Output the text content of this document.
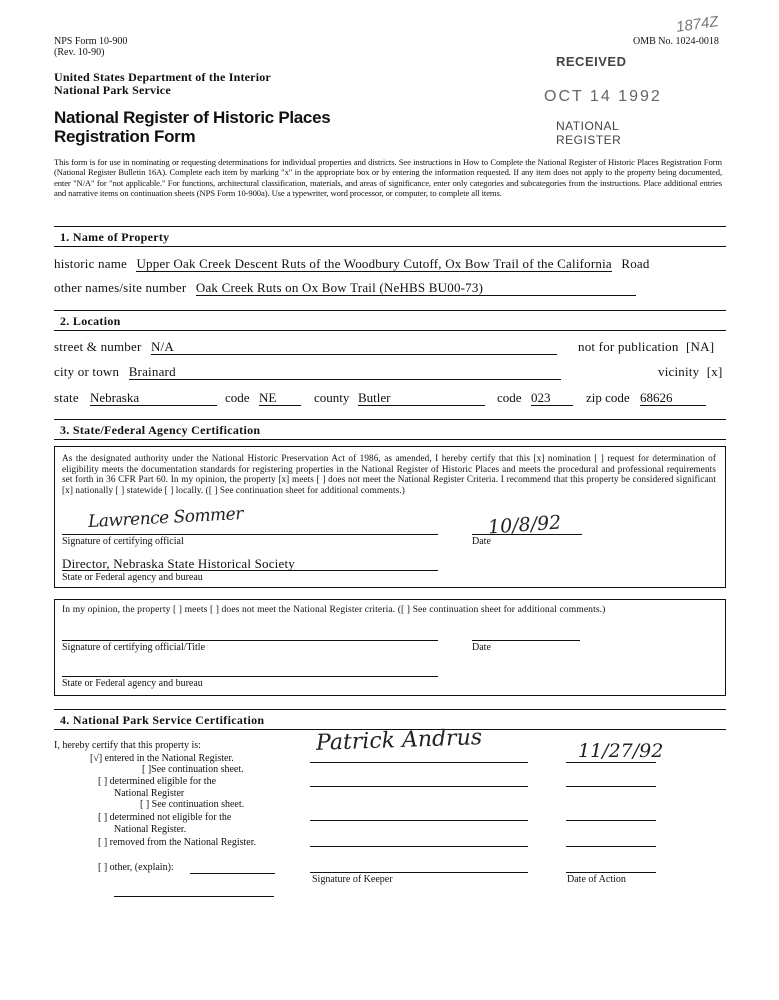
NPS Form 10-900
(Rev. 10-90)
OMB No. 1024-0018
1874Z
United States Department of the Interior
National Park Service
National Register of Historic Places
Registration Form
RECEIVED
OCT 14 1992
NATIONAL
REGISTER
This form is for use in nominating or requesting determinations for individual properties and districts. See instructions in How to Complete the National Register of Historic Places Registration Form (National Register Bulletin 16A). Complete each item by marking "x" in the appropriate box or by entering the information requested. If any item does not apply to the property being documented, enter "N/A" for "not applicable." For functions, architectural classification, materials, and areas of significance, enter only categories and subcategories from the instructions. Place additional entries and narrative items on continuation sheets (NPS Form 10-900a). Use a typewriter, word processor, or computer, to complete all items.
1. Name of Property
historic name Upper Oak Creek Descent Ruts of the Woodbury Cutoff, Ox Bow Trail of the California Road
other names/site number Oak Creek Ruts on Ox Bow Trail (NeHBS BU00-73)
2. Location
street & number N/A	not for publication [NA]
city or town Brainard	vicinity [x]
state Nebraska	code NE	county Butler	code 023	zip code 68626
3. State/Federal Agency Certification
As the designated authority under the National Historic Preservation Act of 1986, as amended, I hereby certify that this [x] nomination [ ] request for determination of eligibility meets the documentation standards for registering properties in the National Register of Historic Places and meets the procedural and professional requirements set forth in 36 CFR Part 60. In my opinion, the property [x] meets [ ] does not meet the National Register Criteria. I recommend that this property be considered significant [x] nationally [ ] statewide [ ] locally. ([ ] See continuation sheet for additional comments.)
Lawrence Sommer
Signature of certifying official
10/8/92
Date
Director, Nebraska State Historical Society
State or Federal agency and bureau
In my opinion, the property [ ] meets [ ] does not meet the National Register criteria. ([ ] See continuation sheet for additional comments.)
Signature of certifying official/Title	Date
State or Federal agency and bureau
4. National Park Service Certification
I, hereby certify that this property is:
[√] entered in the National Register.
[ ]See continuation sheet.
[ ] determined eligible for the
National Register
[ ] See continuation sheet.
[ ] determined not eligible for the
National Register.
[ ] removed from the National Register.
[ ] other, (explain):
Patrick Andrus
Signature of Keeper
11/27/92
Date of Action
